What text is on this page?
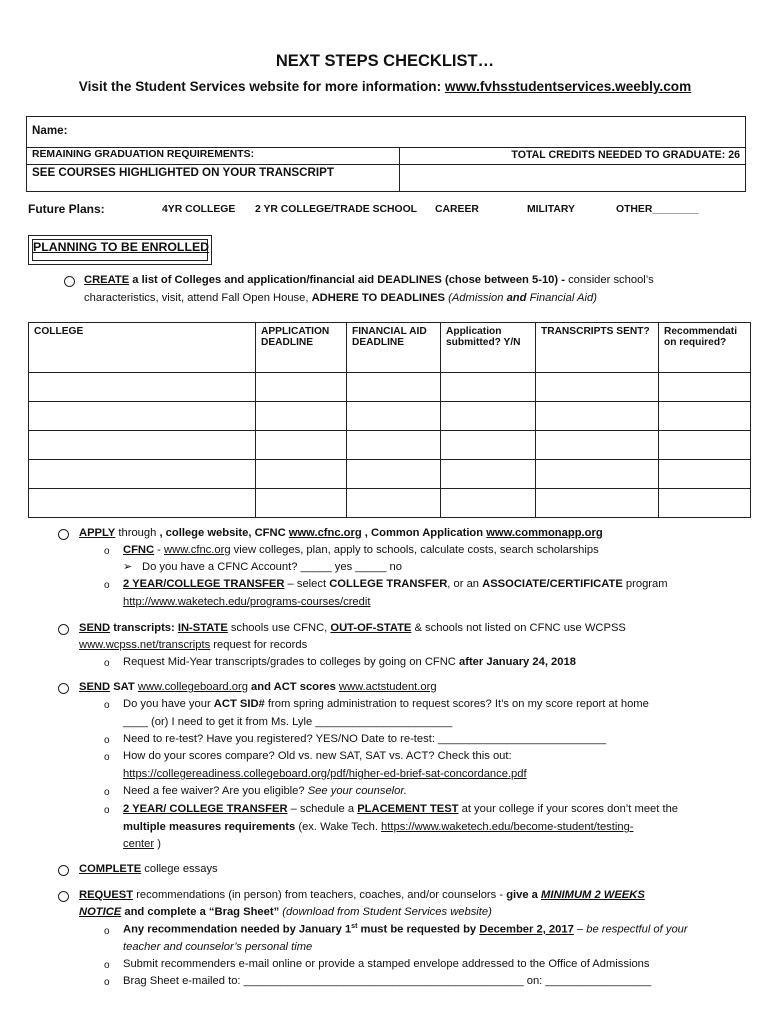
NEXT STEPS CHECKLIST…
Visit the Student Services website for more information: www.fvhsstudentservices.weebly.com
Name:	
REMAINING GRADUATION REQUIREMENTS:	TOTAL CREDITS NEEDED TO GRADUATE: 26
SEE COURSES HIGHLIGHTED ON YOUR TRANSCRIPT	
Future Plans:	4YR COLLEGE 2 YR COLLEGE/TRADE SCHOOL CAREER	MILITARY	OTHER________
PLANNING TO BE ENROLLED
CREATE a list of Colleges and application/financial aid DEADLINES (chose between 5-10) - consider school’s
characteristics, visit, attend Fall Open House, ADHERE TO DEADLINES (Admission and Financial Aid)
COLLEGE	APPLICATION DEADLINE	FINANCIAL AID DEADLINE	Application submitted? Y/N	TRANSCRIPTS SENT?	Recommendati on required?

APPLY through , college website, CFNC www.cfnc.org , Common Application www.commonapp.org
o CFNC - www.cfnc.org view colleges, plan, apply to schools, calculate costs, search scholarships
➢ Do you have a CFNC Account? _____ yes _____ no
o 2 YEAR/COLLEGE TRANSFER – select COLLEGE TRANSFER, or an ASSOCIATE/CERTIFICATE program
http://www.waketech.edu/programs-courses/credit
SEND transcripts: IN-STATE schools use CFNC, OUT-OF-STATE & schools not listed on CFNC use WCPSS
www.wcpss.net/transcripts request for records
o Request Mid-Year transcripts/grades to colleges by going on CFNC after January 24, 2018
SEND SAT www.collegeboard.org and ACT scores www.actstudent.org
o Do you have your ACT SID# from spring administration to request scores? It’s on my score report at home
____ (or) I need to get it from Ms. Lyle ______________________
o Need to re-test? Have you registered? YES/NO Date to re-test: ___________________________
o How do your scores compare? Old vs. new SAT, SAT vs. ACT? Check this out:
https://collegereadiness.collegeboard.org/pdf/higher-ed-brief-sat-concordance.pdf
o Need a fee waiver? Are you eligible? See your counselor.
o 2 YEAR/ COLLEGE TRANSFER – schedule a PLACEMENT TEST at your college if your scores don’t meet the
multiple measures requirements (ex. Wake Tech. https://www.waketech.edu/become-student/testing-
center )
COMPLETE college essays
REQUEST recommendations (in person) from teachers, coaches, and/or counselors - give a MINIMUM 2 WEEKS
NOTICE and complete a “Brag Sheet” (download from Student Services website)
o Any recommendation needed by January 1st must be requested by December 2, 2017 – be respectful of your
teacher and counselor’s personal time
o Submit recommenders e-mail online or provide a stamped envelope addressed to the Office of Admissions
o Brag Sheet e-mailed to: _____________________________________________ on: _________________
